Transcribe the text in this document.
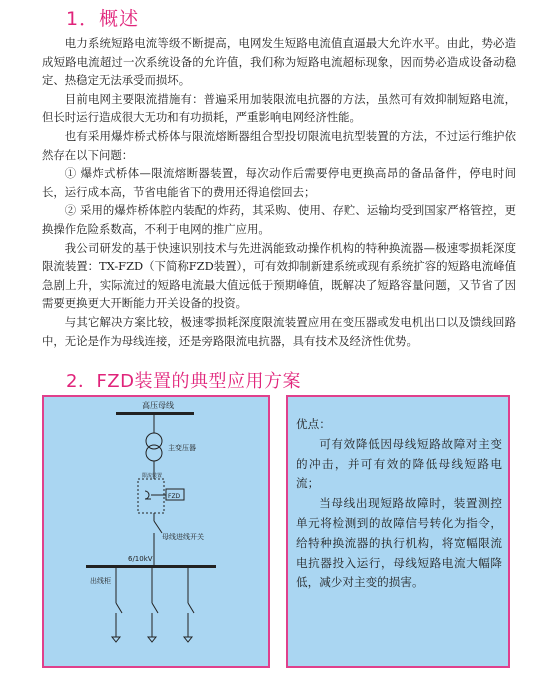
1．概述

电力系统短路电流等级不断提高，电网发生短路电流值直逼最大允许水平。由此，势必造成短路电流超过一次系统设备的允许值，我们称为短路电流超标现象，因而势必造成设备动稳定、热稳定无法承受而损坏。

目前电网主要限流措施有：普遍采用加装限流电抗器的方法，虽然可有效抑制短路电流，但长时运行造成很大无功和有功损耗，严重影响电网经济性能。

也有采用爆炸桥式桥体与限流熔断器组合型投切限流电抗型装置的方法，不过运行维护依然存在以下问题：

① 爆炸式桥体—限流熔断器装置，每次动作后需要停电更换高昂的备品备件，停电时间长，运行成本高，节省电能省下的费用还得追偿回去；

② 采用的爆炸桥体腔内装配的炸药，其采购、使用、存贮、运输均受到国家严格管控，更换操作危险系数高，不利于电网的推广应用。

我公司研发的基于快速识别技术与先进涡能致动操作机构的特种换流器—极速零损耗深度限流装置：TX-FZD（下简称FZD装置），可有效抑制新建系统或现有系统扩容的短路电流峰值急剧上升，实际流过的短路电流最大值远低于预期峰值，既解决了短路容量问题，又节省了因需要更换更大开断能力开关设备的投资。

与其它解决方案比较，极速零损耗深度限流装置应用在变压器或发电机出口以及馈线回路中，无论是作为母线连接，还是旁路限流电抗器，具有技术及经济性优势。

2．FZD装置的典型应用方案
高压母线
主变压器
FZD
限流装置
母线进线开关
6/10kV
出线柜
优点：

可有效降低因母线短路故障对主变的冲击，并可有效的降低母线短路电流；

当母线出现短路故障时，装置测控单元将检测到的故障信号转化为指令，给特种换流器的执行机构，将宽幅限流电抗器投入运行，母线短路电流大幅降低，减少对主变的损害。
